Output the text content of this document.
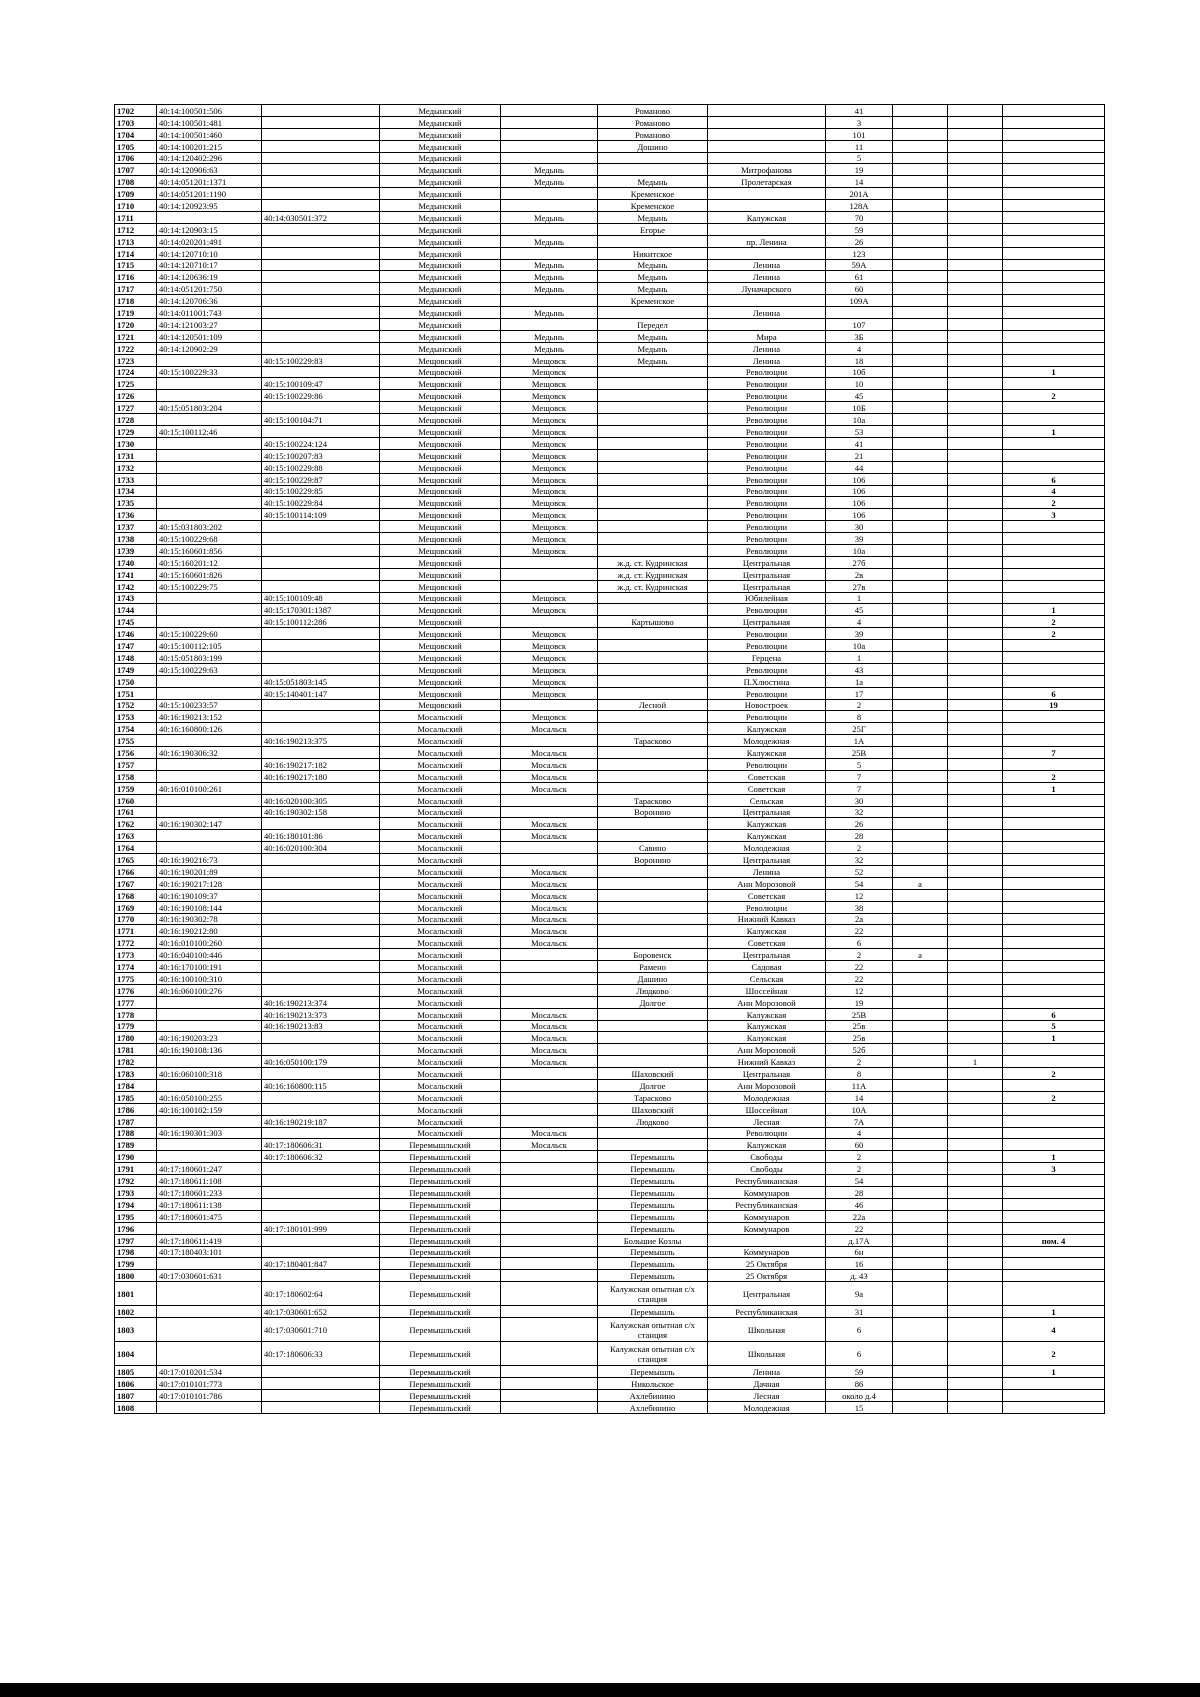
1702	40:14:100501:506		Медынский		Романово		41			
1703	40:14:100501:481		Медынский		Романово		3			
1704	40:14:100501:460		Медынский		Романово		101			
1705	40:14:100201:215		Медынский		Дошино		11			
1706	40:14:120402:296		Медынский				5			
1707	40:14:120906:63		Медынский	Медынь		Митрофанова	19			
1708	40:14:051201:1371		Медынский	Медынь	Медынь	Пролетарская	14			
1709	40:14:051201:1190		Медынский		Кременское		201А			
1710	40:14:120923:95		Медынский		Кременское		128А			
1711		40:14:030501:372	Медынский	Медынь	Медынь	Калужская	70			
1712	40:14:120903:15		Медынский		Егорье		59			
1713	40:14:020201:491		Медынский	Медынь		пр. Ленина	26			
1714	40:14:120710:10		Медынский		Никитское		123			
1715	40:14:120710:17		Медынский	Медынь	Медынь	Ленина	59А			
1716	40:14:120636:19		Медынский	Медынь	Медынь	Ленина	61			
1717	40:14:051201:750		Медынский	Медынь	Медынь	Луначарского	60			
1718	40:14:120706:36		Медынский		Кременское		109А			
1719	40:14:011001:743		Медынский	Медынь		Ленина				
1720	40:14:121003:27		Медынский		Передел		107			
1721	40:14:120501:109		Медынский	Медынь	Медынь	Мира	3Б			
1722	40:14:120902:29		Медынский	Медынь	Медынь	Ленина	4			
1723		40:15:100229:83	Мещовский	Мещовск	Медынь	Ленина	18			
1724	40:15:100229:33		Мещовский	Мещовск		Революции	10б			1
1725		40:15:100109:47	Мещовский	Мещовск		Революции	10			
1726		40:15:100229:86	Мещовский	Мещовск		Революции	45			2
1727	40:15:051803:204		Мещовский	Мещовск		Революции	10Б			
1728		40:15:100104:71	Мещовский	Мещовск		Революции	10а			
1729	40:15:100112:46		Мещовский	Мещовск		Революции	53			1
1730		40:15:100224:124	Мещовский	Мещовск		Революции	41			
1731		40:15:100207:83	Мещовский	Мещовск		Революции	21			
1732		40:15:100229:88	Мещовский	Мещовск		Революции	44			
1733		40:15:100229:87	Мещовский	Мещовск		Революции	106			6
1734		40:15:100229:85	Мещовский	Мещовск		Революции	106			4
1735		40:15:100229:84	Мещовский	Мещовск		Революции	106			2
1736		40:15:100114:109	Мещовский	Мещовск		Революции	106			3
1737	40:15:031803:202		Мещовский	Мещовск		Революции	30			
1738	40:15:100229:68		Мещовский	Мещовск		Революции	39			
1739	40:15:160601:856		Мещовский	Мещовск		Революции	10а			
1740	40:15:160201:12		Мещовский		ж.д. ст. Кудринская	Центральная	27б			
1741	40:15:160601:826		Мещовский		ж.д. ст. Кудринская	Центральная	2в			
1742	40:15:100229:75		Мещовский		ж.д. ст. Кудринская	Центральная	27в			
1743		40:15:100109:48	Мещовский	Мещовск		Юбилейная	1			
1744		40:15:170301:1387	Мещовский	Мещовск		Революции	45			1
1745		40:15:100112:286	Мещовский		Картышово	Центральная	4			2
1746	40:15:100229:60		Мещовский	Мещовск		Революции	39			2
1747	40:15:100112:105		Мещовский	Мещовск		Революции	10а			
1748	40:15:051803:199		Мещовский	Мещовск		Герцена	1			
1749	40:15:100229:63		Мещовский	Мещовск		Революции	43			
1750		40:15:051803:145	Мещовский	Мещовск		П.Хлюстина	1а			
1751		40:15:140401:147	Мещовский	Мещовск		Революции	17			6
1752	40:15:100233:57		Мещовский		Лесной	Новостроек	2			19
1753	40:16:190213:152		Мосальский	Мещовск		Революции	8			
1754	40:16:160800:126		Мосальский	Мосальск		Калужская	25Г			
1755		40:16:190213:375	Мосальский		Тарасково	Молодежная	1А			
1756	40:16:190306:32		Мосальский	Мосальск		Калужская	25В			7
1757		40:16:190217:182	Мосальский	Мосальск		Революции	5			
1758		40:16:190217:180	Мосальский	Мосальск		Советская	7			2
1759	40:16:010100:261		Мосальский	Мосальск		Советская	7			1
1760		40:16:020100:305	Мосальский		Тарасково	Сельская	30			
1761		40:16:190302:158	Мосальский		Воронино	Центральная	32			
1762	40:16:190302:147		Мосальский	Мосальск		Калужская	26			
1763		40:16:180101:86	Мосальский	Мосальск		Калужская	28			
1764		40:16:020100:304	Мосальский		Савино	Молодежная	2			
1765	40:16:190216:73		Мосальский		Воронино	Центральная	32			
1766	40:16:190201:89		Мосальский	Мосальск		Ленина	52			
1767	40:16:190217:128		Мосальский	Мосальск		Анн Морозовой	54	а		
1768	40:16:190109:37		Мосальский	Мосальск		Советская	12			
1769	40:16:190108:144		Мосальский	Мосальск		Революции	38			
1770	40:16:190302:78		Мосальский	Мосальск		Нижний Кавказ	2а			
1771	40:16:190212:80		Мосальский	Мосальск		Калужская	22			
1772	40:16:010100:260		Мосальский	Мосальск		Советская	6			
1773	40:16:040100:446		Мосальский		Боровенск	Центральная	2	а		
1774	40:16:170100:191		Мосальский		Рамено	Садовая	22			
1775	40:16:100100:310		Мосальский		Дашино	Сельская	22			
1776	40:16:060100:276		Мосальский		Людково	Шоссейная	12			
1777		40:16:190213:374	Мосальский		Долгое	Анн Морозовой	19			
1778		40:16:190213:373	Мосальский	Мосальск		Калужская	25В			6
1779		40:16:190213:83	Мосальский	Мосальск		Калужская	25в			5
1780	40:16:190203:23		Мосальский	Мосальск		Калужская	25в			1
1781	40:16:190108:136		Мосальский	Мосальск		Анн Морозовой	52б			
1782		40:16:050100:179	Мосальский	Мосальск		Нижний Кавказ	2		1	
1783	40:16:060100:318		Мосальский		Шаховский	Центральная	8			2
1784		40:16:160800:115	Мосальский		Долгое	Анн Морозовой	11А			
1785	40:16:050100:255		Мосальский		Тарасково	Молодежная	14			2
1786	40:16:100102:159		Мосальский		Шаховский	Шоссейная	10А			
1787		40:16:190219:187	Мосальский		Людково	Лесная	7А			
1788	40:16:190301:303		Мосальский	Мосальск		Революции	4			
1789		40:17:180606:31	Перемышльский	Мосальск		Калужская	60			
1790		40:17:180606:32	Перемышльский		Перемышль	Свободы	2			1
1791	40:17:180601:247		Перемышльский		Перемышль	Свободы	2			3
1792	40:17:180611:108		Перемышльский		Перемышль	Республиканская	54			
1793	40:17:180601:233		Перемышльский		Перемышль	Коммунаров	28			
1794	40:17:180611:138		Перемышльский		Перемышль	Республиканская	46			
1795	40:17:180601:475		Перемышльский		Перемышль	Коммунаров	22а			
1796		40:17:180101:999	Перемышльский		Перемышль	Коммунаров	22			
1797	40:17:180611:419		Перемышльский		Большие Козлы		д.17А			пом. 4
1798	40:17:180403:101		Перемышльский		Перемышль	Коммунаров	6н			
1799		40:17:180401:847	Перемышльский		Перемышль	25 Октября	16			
1800	40:17:030601:631		Перемышльский		Перемышль	25 Октября	д. 43			
1801		40:17:180602:64	Перемышльский		Калужская опытная с/х станция	Центральная	9а			
1802		40:17:030601:652	Перемышльский		Перемышль	Республиканская	31			1
1803		40:17:030601:710	Перемышльский		Калужская опытная с/х станция	Школьная	6			4
1804		40:17:180606:33	Перемышльский		Калужская опытная с/х станция	Школьная	6			2
1805	40:17:010201:534		Перемышльский		Перемышль	Ленина	59			1
1806	40:17:010101:773		Перемышльский		Никольское	Дачная	86			
1807	40:17:010101:786		Перемышльский		Ахлебинино	Лесная	около д.4			
1808			Перемышльский		Ахлебинино	Молодежная	15			
